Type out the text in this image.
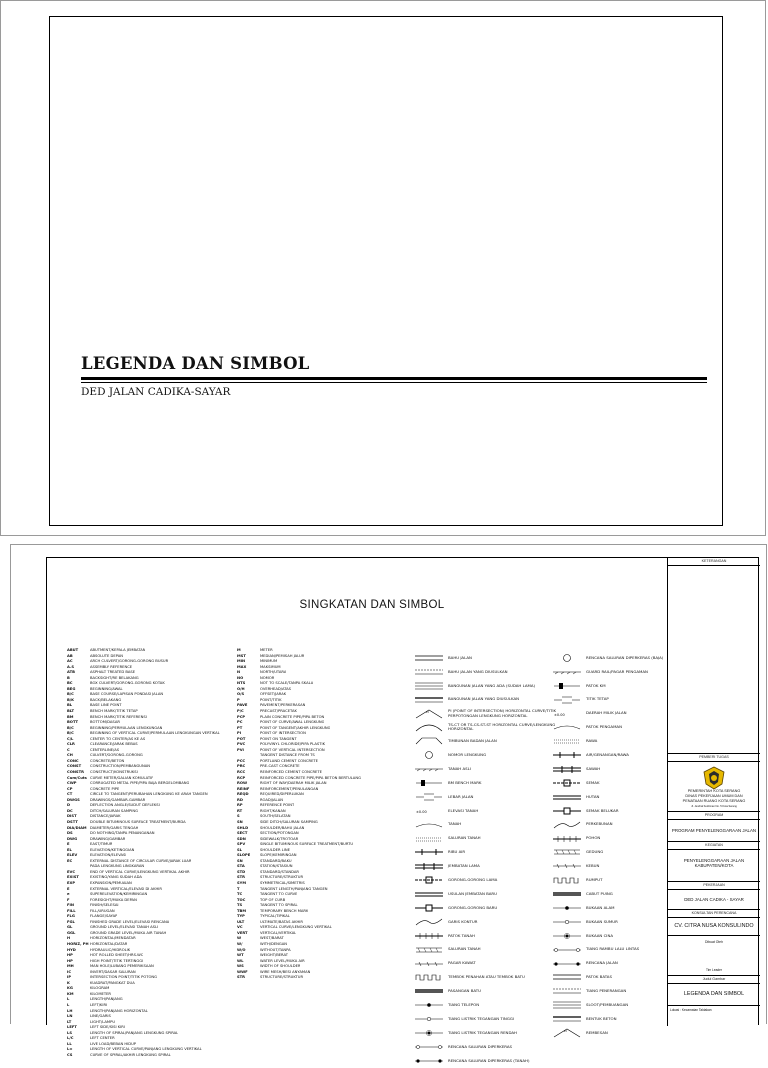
LEGENDA DAN SIMBOL
DED JALAN CADIKA-SAYAR
SINGKATAN DAN SIMBOL
ABUT	ABUTMENT/KEPALA JEMBATAN
AB	ABSOLUTE DEPAN
AC	ARCH CULVERT/GORONG-GORONG BUSUR
A.S	ASSEMBLY REFERENCE
ATB	ASPHALT TREATED BASE
B	BACKSIGHT/RE BELAKANG
BC	BOX CULVERT/GORONG-GORONG KOTAK
BEG	BEGINNING/AWAL
B/C	BASE COURSE/LAPISAN PONDASI JALAN
B/K	BACK/BELAKANG
BL	BASE LINE POINT
BLT	BENCH MARK/TITIK TETAP
BM	BENCH MARK/TITIK REFERENSI
BOTT	BOTTOM/DASAR
B/C	BEGINNING/PERMULAAN LENGKUNGAN
B/C	BEGINNING OF VERTICAL CURVE/PERMULAAN LENGKUNGAN VERTIKAL
C/L	CENTER TO CENTER/AS KE AS
CLR	CLEARANCE/JARAK BEBAS
C	CENTERLINE/AS
CH	CULVERT/GORONG-GORONG
CONC	CONCRETE/BETON
CONST	CONSTRUCTION/PEMBANGUNAN
CONSTR	CONSTRUCT/KONSTRUKSI
Cum/Cuts CURVE METER/GALIAN KOMULATIF
CWP	CORRUGATED METAL PIPE/PIPA BAJA BERGELOMBANG
CP	CONCRETE PIPE
CT	CIRCLE TO TANGENT/PERUBAHAN LENGKUNG KE ARAH TANGEN
DWGS	DRAWINGS/GAMBAR-GAMBAR
D	DEFLECTION ANGLE/SUDUT DEFLEKSI
DC	DITCH/SALURAN SAMPING
DIST	DISTANCE/JARAK
DSTT	DOUBLE BITUMINOUS SURFACE TREATMENT/BURDA
DIA/DIAM DIAMETER/GARIS TENGAH
DS	DO NOTHING/TANPA PENANGANAN
DWG	DRAWING/GAMBAR
E	EAST/TIMUR
EL	ELEVATION/KETINGGIAN
ELEV	ELEVATION/ELEVASI
EC	EXTERNAL DISTANCE OF CIRCULAR CURVE/JARAK LUAR
PADA LENGKUNG LINGKARAN
EVC	END OF VERTICAL CURVE/LENGKUNG VERTIKAL AKHIR
EXIST	EXISTING/YANG SUDAH ADA
EXP	EXPANSION/PEMUAIAN
E	EXTERNAL VERTICAL/ELEVASI DI AKHIR
e	SUPERELEVATION/KEMIRINGAN
F	FORESIGHT/MUKA DEPAN
FIN	FINISH/SELESAI
FILL	FILL/URUGAN
FLG	FLANGE/SAYAP
FGL	FINISHED GRADE LEVEL/ELEVASI RENCANA
GL	GROUND LEVEL/ELEVASI TANAH ASLI
GGL	GROUND GRADE LEVEL/MUKA AIR TANAH
H	HORIZONTAL/MENDATAR
HORIZ, PH HORIZONTAL/DATAR
HYD	HYDRAULIC/HIDROLIK
HP	HOT ROLLED SHEET/HRS-WC
HP	HIGH POINT/TITIK TERTINGGI
MH	MAN HOLE/LUBANG PEMERIKSAAN
IC	INVERT/DASAR SALURAN
IP	INTERSECTION POINT/TITIK POTONG
K	KUADRAT/PANGKAT DUA
KG	KILOGRAM
KM	KILOMETER
L	LENGTH/PANJANG
L	LEFT/KIRI
LH	LENGTH/PANJANG HORIZONTAL
LN	LINE/GARIS
LT	LIGHT/LAMPU
LEFT	LEFT SIDE/SISI KIRI
LS	LENGTH OF SPIRAL/PANJANG LENGKUNG SPIRAL
L/C	LEFT CENTER
LL	LIVE LOAD/BEBAN HIDUP
L=	LENGTH OF VERTICAL CURVE/PANJANG LENGKUNG VERTIKAL
CS	CURVE OF SPIRAL/AKHIR LENGKUNG SPIRAL
M	METER
MST	MEDIAN/PEMISAH JALUR
MIN	MINIMUM
MAX	MAKSIMUM
N	NORTH/UTARA
NO	NOMOR
NTS	NOT TO SCALE/TANPA SKALA
O/H	OVERHEAD/ATAS
O/S	OFFSET/JARAK
P	POINT/TITIK
PAVE	PAVEMENT/PERKERASAN
P/C	PRECAST/PRACETAK
PCP	PLAIN CONCRETE PIPE/PIPA BETON
PC	POINT OF CURVE/AWAL LENGKUNG
PT	POINT OF TANGENT/AKHIR LENGKUNG
PI	POINT OF INTERSECTION
POT	POINT ON TANGENT
PVC	POLYVINYL CHLORIDE/PIPA PLASTIK
PVI	POINT OF VERTICAL INTERSECTION
TANGENT DISTANCE FROM TS
PCC	PORTLAND CEMENT CONCRETE
PRC	PRE-CAST CONCRETE
RCC	REINFORCED CEMENT CONCRETE
RCP	REINFORCED CONCRETE PIPE/PIPA BETON BERTULANG
ROW	RIGHT OF WAY/DAERAH MILIK JALAN
REINF	REINFORCEMENT/PENULANGAN
REQD	REQUIRED/DIPERLUKAN
RD	ROAD/JALAN
RP	REFERENCE POINT
RT	RIGHT/KANAN
S	SOUTH/SELATAN
SN	SIDE DITCH/SALURAN SAMPING
SHLD	SHOULDER/BAHU JALAN
SECT	SECTION/POTONGAN
SDN	SIDEWALK/TROTOAR
SPV	SINGLE BITUMINOUS SURFACE TREATMENT/BURTU
SL	SHOULDER LINE
SLOPE	SLOPE/KEMIRINGAN
SN	STANDARD/BAKU
STA	STATION/STASIUN
STD	STANDARD/STANDAR
STR	STRUCTURE/STRUKTUR
SYM	SYMMETRICAL/SIMETRIS
T	TANGENT LENGTH/PANJANG TANGEN
TC	TANGENT TO CURVE
TOC	TOP OF CURB
TS	TANGENT TO SPIRAL
TBM	TEMPORARY BENCH MARK
TYP	TYPICAL/TIPIKAL
ULT	ULTIMATE/BATAS AKHIR
VC	VERTICAL CURVE/LENGKUNG VERTIKAL
VERT	VERTICAL/VERTIKAL
W	WEST/BARAT
W/	WITH/DENGAN
W/O	WITHOUT/TANPA
WT	WEIGHT/BERAT
WL	WATER LEVEL/MUKA AIR
WS	WIDTH OF SHOULDER
WWF	WIRE MESH/BESI ANYAMAN
STR	STRUCTURE/STRUKTUR
BAHU JALAN
BAHU JALAN YANG DIUSULKAN
BANGUNAN JALAN YANG ADA (SUDAH LAMA)
BANGUNAN JALAN YANG DIUSULKAN
PI	PI (POINT OF INTERSECTION) HORIZONTAL CURVE/TITIK PERPOTONGAN LENGKUNG HORIZONTAL
TS-CT OR TS-CS-ST-ST HORIZONTAL CURVE/LENGKUNG HORIZONTAL
TIMBUNAN BADAN JALAN
NOMOR LENGKUNG
TANAH ASLI
BM BENCH MARK
LEBAR JALAN
±0.00	ELEVASI TANAH
TANAH
SALURAN TANAH
RIBU AIR
JEMBATAN LAMA
GORONG-GORONG LAMA
USULAN JEMBATAN BARU
GORONG-GORONG BARU
GARIS KONTUR
PATOK TANAH
SALURAN TANAH
PAGAR KAWAT
TEMBOK PENAHAN ATAU TEMBOK BATU
PASANGAN BATU
TIANG TELEPON
TIANG LISTRIK TEGANGAN TINGGI
TIANG LISTRIK TEGANGAN RENDAH
RENCANA SALURAN DIPERKERAS
RENCANA SALURAN DIPERKERAS (TANAH)
RENCANA SALURAN DIPERKERAS (BAJA)
GUARD RAIL/PAGAR PENGAMAN
PATOK KM
TITIK TETAP
±0.00	DAERAH MILIK JALAN
PATOK PENGAMAN
RAWA
AIR/GENANGAN/RAWA
SAWAH
SEMAK
HUTAN
SEMAK BELUKAR
PERKEBUNAN
POHON
GEDUNG
KEBUN
RUMPUT
CABUT PUING
BUKAAN ALAM
BUKAAN SUMUR
BUKAAN CINA
TIANG RAMBU LALU LINTAS
RENCANA JALAN
PATOK BATAS
TIANG PENERANGAN
SLOOT/PEMBUANGAN
BENTUK BETON
PI	REMBESAN
KETERANGAN
PEMBERI TUGAS
PEMERINTAH KOTA SERANG
DINAS PEKERJAAN UMUM DAN
PENATAAN RUANG KOTA SERANG
Jl. Jendral Sudirman No. 5 Kota Serang
PROGRAM
PROGRAM PENYELENGGARAAN JALAN
KEGIATAN
PENYELENGGARAAN JALAN KABUPATEN/KOTA
PEKERJAAN
DED JALAN CADIKA - SAYAR
KONSULTAN PERENCANA
CV. CITRA NUSA KONSULINDO
Dibuat Oleh
Tim Leader
Judul Gambar
LEGENDA DAN SIMBOL
Lokasi : Kecamatan Taktakan
